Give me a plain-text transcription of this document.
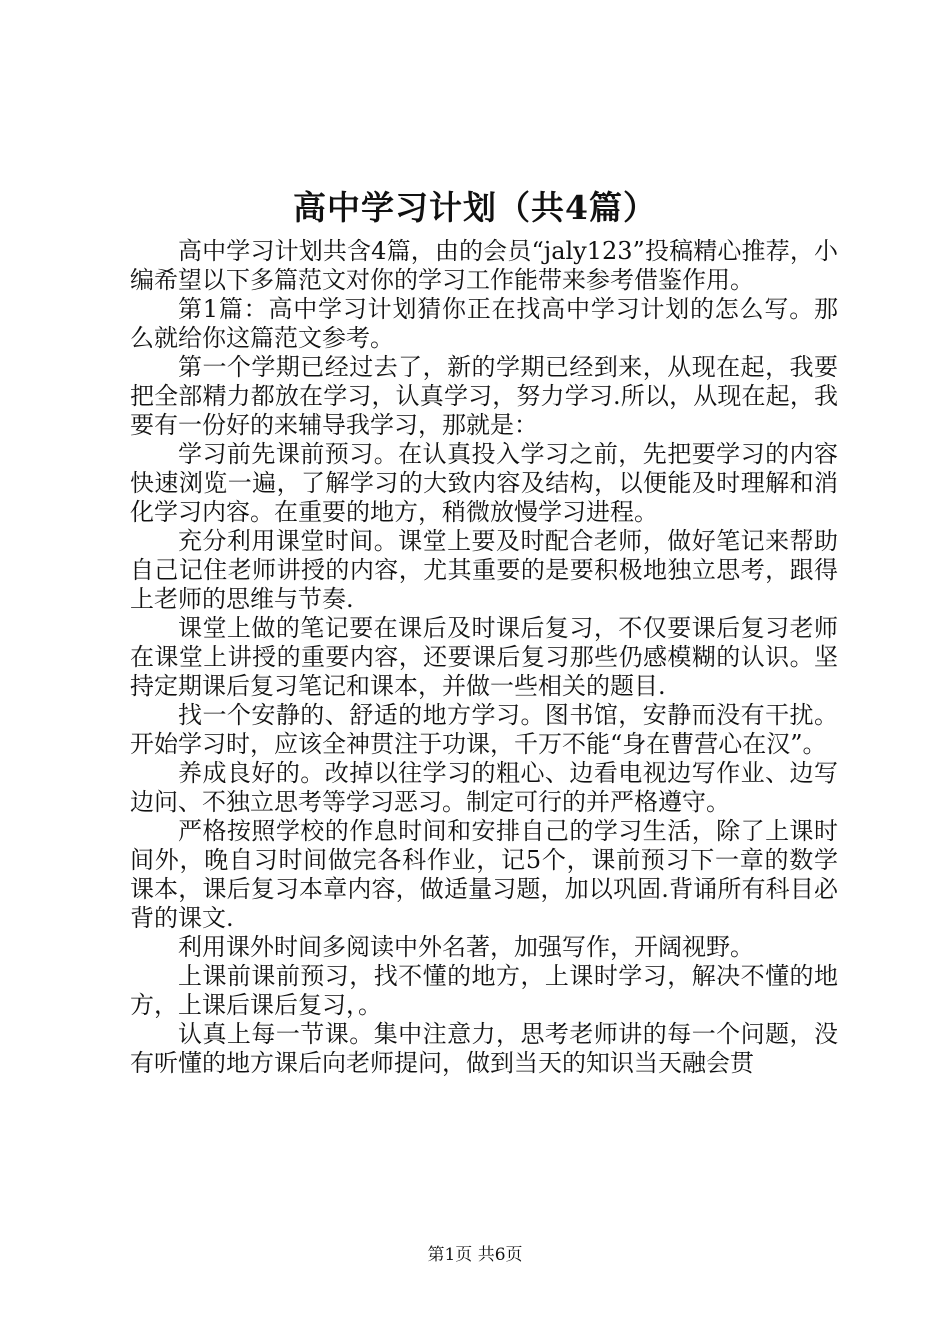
高中学习计划（共4篇）

高中学习计划共含4篇，由的会员“jaly123”投稿精心推荐，小编希望以下多篇范文对你的学习工作能带来参考借鉴作用。

第1篇：高中学习计划猜你正在找高中学习计划的怎么写。那么就给你这篇范文参考。

第一个学期已经过去了，新的学期已经到来，从现在起，我要把全部精力都放在学习，认真学习，努力学习.所以，从现在起，我要有一份好的来辅导我学习，那就是：

学习前先课前预习。在认真投入学习之前，先把要学习的内容快速浏览一遍，了解学习的大致内容及结构，以便能及时理解和消化学习内容。在重要的地方，稍微放慢学习进程。

充分利用课堂时间。课堂上要及时配合老师，做好笔记来帮助自己记住老师讲授的内容，尤其重要的是要积极地独立思考，跟得上老师的思维与节奏.

课堂上做的笔记要在课后及时课后复习，不仅要课后复习老师在课堂上讲授的重要内容，还要课后复习那些仍感模糊的认识。坚持定期课后复习笔记和课本，并做一些相关的题目.

找一个安静的、舒适的地方学习。图书馆，安静而没有干扰。开始学习时，应该全神贯注于功课，千万不能“身在曹营心在汉”。

养成良好的。改掉以往学习的粗心、边看电视边写作业、边写边问、不独立思考等学习恶习。制定可行的并严格遵守。

严格按照学校的作息时间和安排自己的学习生活，除了上课时间外，晚自习时间做完各科作业，记5个，课前预习下一章的数学课本，课后复习本章内容，做适量习题，加以巩固.背诵所有科目必背的课文.

利用课外时间多阅读中外名著，加强写作，开阔视野。

上课前课前预习，找不懂的地方，上课时学习，解决不懂的地方，上课后课后复习，。

认真上每一节课。集中注意力，思考老师讲的每一个问题，没有听懂的地方课后向老师提问，做到当天的知识当天融会贯

第1页 共6页
